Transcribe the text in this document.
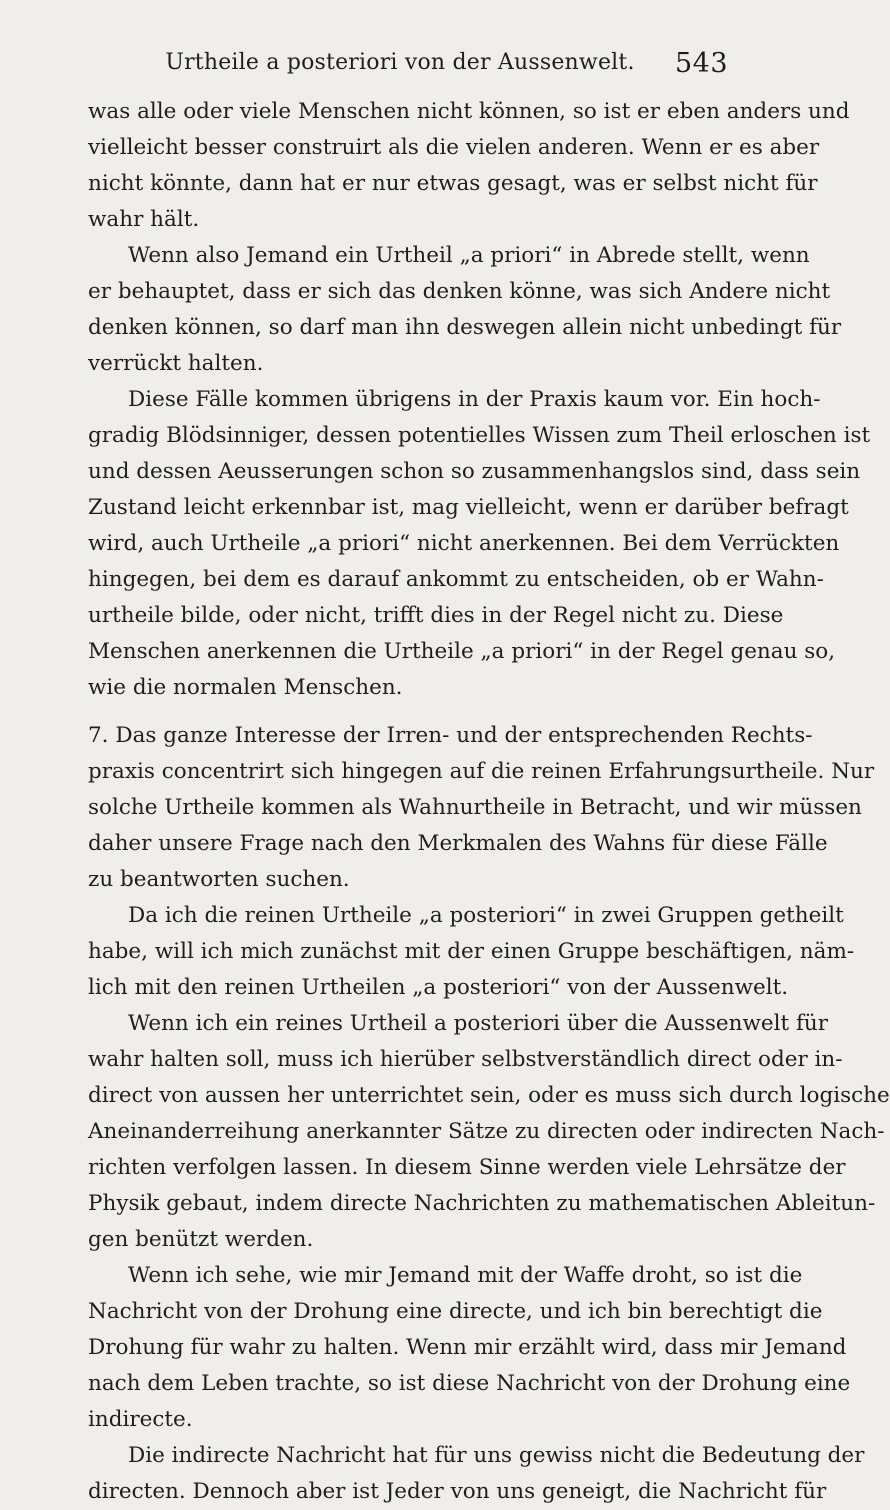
Urtheile a posteriori von der Aussenwelt. 543
was alle oder viele Menschen nicht können, so ist er eben anders und
vielleicht besser construirt als die vielen anderen. Wenn er es aber
nicht könnte, dann hat er nur etwas gesagt, was er selbst nicht für
wahr hält.
Wenn also Jemand ein Urtheil „a priori“ in Abrede stellt, wenn
er behauptet, dass er sich das denken könne, was sich Andere nicht
denken können, so darf man ihn deswegen allein nicht unbedingt für
verrückt halten.
Diese Fälle kommen übrigens in der Praxis kaum vor. Ein hoch-
gradig Blödsinniger, dessen potentielles Wissen zum Theil erloschen ist
und dessen Aeusserungen schon so zusammenhangslos sind, dass sein
Zustand leicht erkennbar ist, mag vielleicht, wenn er darüber befragt
wird, auch Urtheile „a priori“ nicht anerkennen. Bei dem Verrückten
hingegen, bei dem es darauf ankommt zu entscheiden, ob er Wahn-
urtheile bilde, oder nicht, trifft dies in der Regel nicht zu. Diese
Menschen anerkennen die Urtheile „a priori“ in der Regel genau so,
wie die normalen Menschen.
7. Das ganze Interesse der Irren- und der entsprechenden Rechts-
praxis concentrirt sich hingegen auf die reinen Erfahrungsurtheile. Nur
solche Urtheile kommen als Wahnurtheile in Betracht, und wir müssen
daher unsere Frage nach den Merkmalen des Wahns für diese Fälle
zu beantworten suchen.
Da ich die reinen Urtheile „a posteriori“ in zwei Gruppen getheilt
habe, will ich mich zunächst mit der einen Gruppe beschäftigen, näm-
lich mit den reinen Urtheilen „a posteriori“ von der Aussenwelt.
Wenn ich ein reines Urtheil a posteriori über die Aussenwelt für
wahr halten soll, muss ich hierüber selbstverständlich direct oder in-
direct von aussen her unterrichtet sein, oder es muss sich durch logische
Aneinanderreihung anerkannter Sätze zu directen oder indirecten Nach-
richten verfolgen lassen. In diesem Sinne werden viele Lehrsätze der
Physik gebaut, indem directe Nachrichten zu mathematischen Ableitun-
gen benützt werden.
Wenn ich sehe, wie mir Jemand mit der Waffe droht, so ist die
Nachricht von der Drohung eine directe, und ich bin berechtigt die
Drohung für wahr zu halten. Wenn mir erzählt wird, dass mir Jemand
nach dem Leben trachte, so ist diese Nachricht von der Drohung eine
indirecte.
Die indirecte Nachricht hat für uns gewiss nicht die Bedeutung der
directen. Dennoch aber ist Jeder von uns geneigt, die Nachricht für
